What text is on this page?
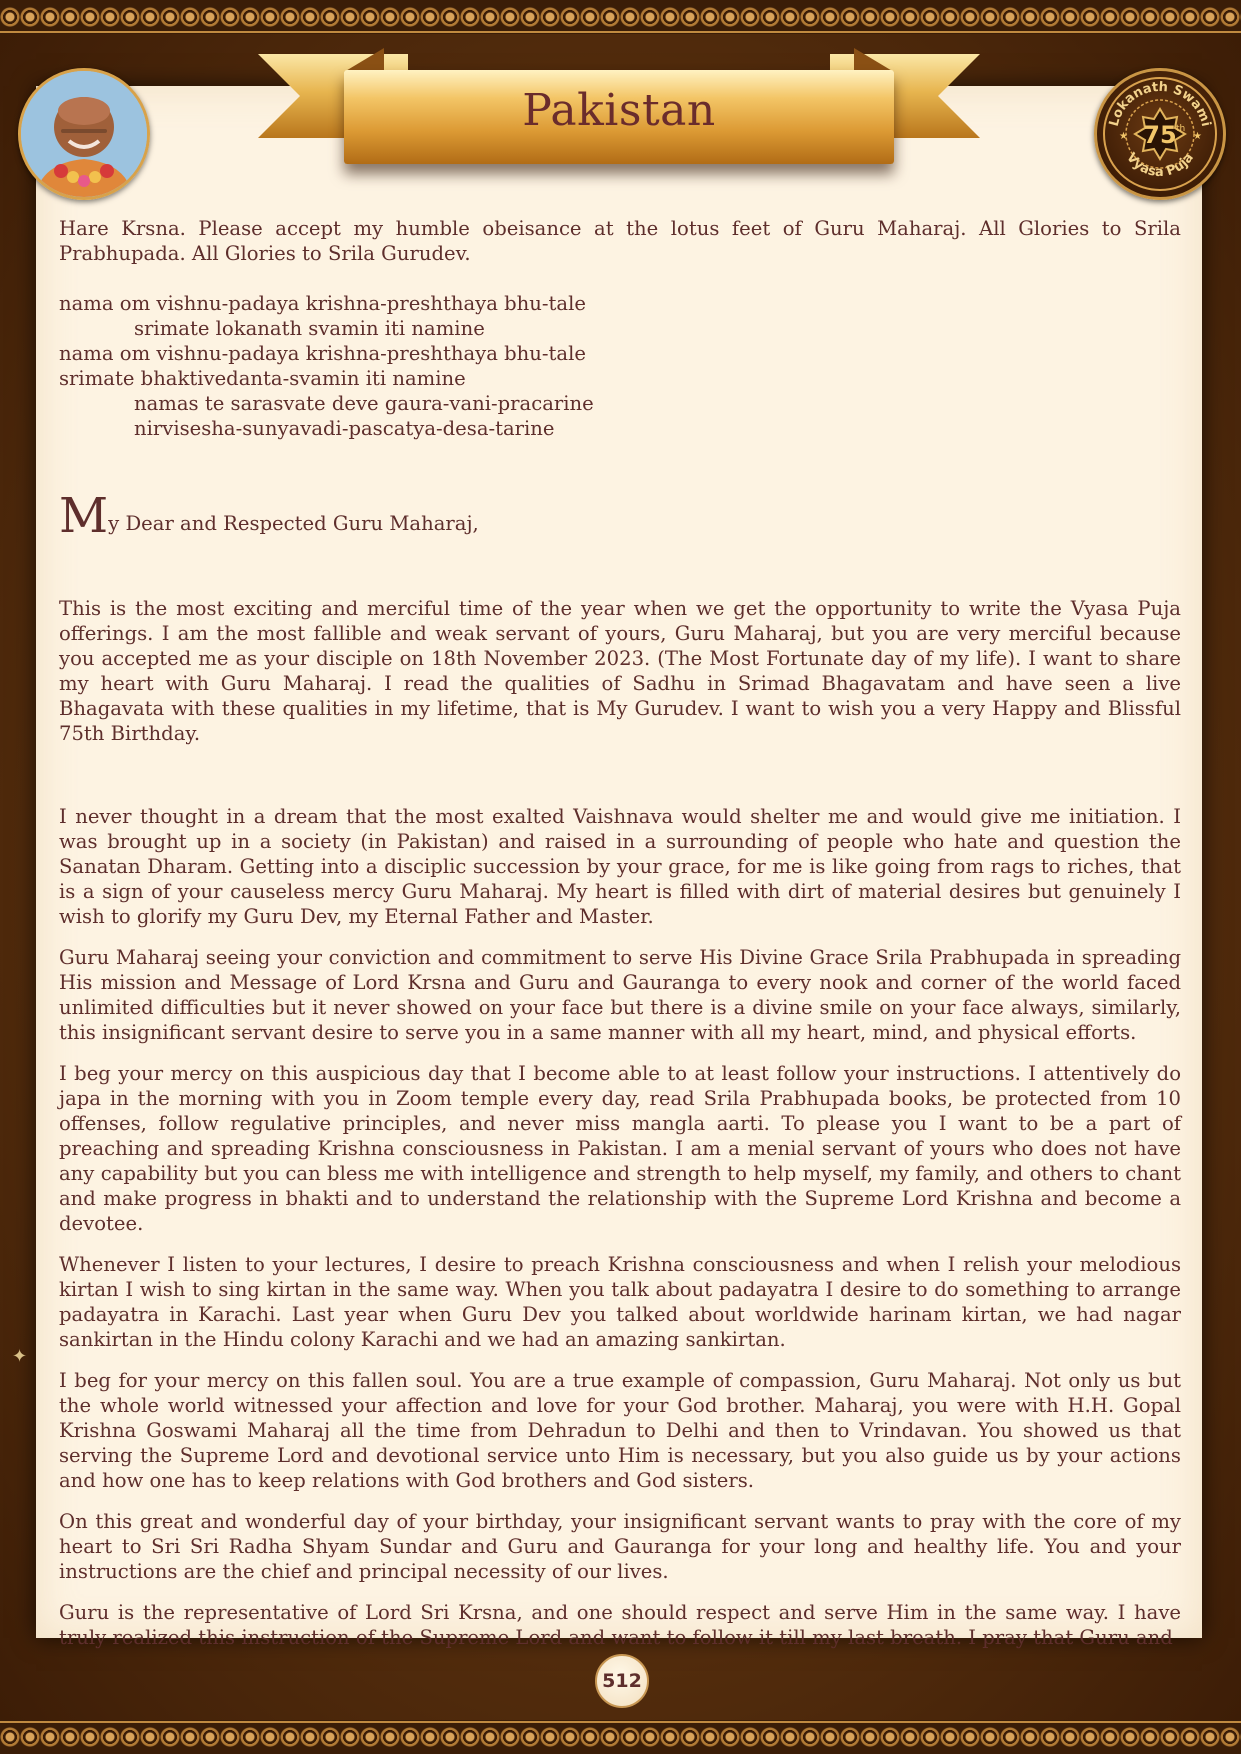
Pakistan	75 th
Lokanath Swami
Vyasa Puja
★	★

Hare Krsna. Please accept my humble obeisance at the lotus feet of Guru Maharaj. All Glories to Srila Prabhupada. All Glories to Srila Gurudev.

nama om vishnu-padaya krishna-preshthaya bhu-tale
srimate lokanath svamin iti namine
nama om vishnu-padaya krishna-preshthaya bhu-tale
srimate bhaktivedanta-svamin iti namine
namas te sarasvate deve gaura-vani-pracarine
nirvisesha-sunyavadi-pascatya-desa-tarine
My Dear and Respected Guru Maharaj,

This is the most exciting and merciful time of the year when we get the opportunity to write the Vyasa Puja offerings. I am the most fallible and weak servant of yours, Guru Maharaj, but you are very merciful because you accepted me as your disciple on 18th November 2023. (The Most Fortunate day of my life). I want to share my heart with Guru Maharaj. I read the qualities of Sadhu in Srimad Bhagavatam and have seen a live Bhagavata with these qualities in my lifetime, that is My Gurudev. I want to wish you a very Happy and Blissful 75th Birthday.

I never thought in a dream that the most exalted Vaishnava would shelter me and would give me initiation. I was brought up in a society (in Pakistan) and raised in a surrounding of people who hate and question the Sanatan Dharam. Getting into a disciplic succession by your grace, for me is like going from rags to riches, that is a sign of your causeless mercy Guru Maharaj. My heart is filled with dirt of material desires but genuinely I wish to glorify my Guru Dev, my Eternal Father and Master.

Guru Maharaj seeing your conviction and commitment to serve His Divine Grace Srila Prabhupada in spreading His mission and Message of Lord Krsna and Guru and Gauranga to every nook and corner of the world faced unlimited difficulties but it never showed on your face but there is a divine smile on your face always, similarly, this insignificant servant desire to serve you in a same manner with all my heart, mind, and physical efforts.

I beg your mercy on this auspicious day that I become able to at least follow your instructions. I attentively do japa in the morning with you in Zoom temple every day, read Srila Prabhupada books, be protected from 10 offenses, follow regulative principles, and never miss mangla aarti. To please you I want to be a part of preaching and spreading Krishna consciousness in Pakistan. I am a menial servant of yours who does not have any capability but you can bless me with intelligence and strength to help myself, my family, and others to chant and make progress in bhakti and to understand the relationship with the Supreme Lord Krishna and become a devotee.

Whenever I listen to your lectures, I desire to preach Krishna consciousness and when I relish your melodious kirtan I wish to sing kirtan in the same way. When you talk about padayatra I desire to do something to arrange padayatra in Karachi. Last year when Guru Dev you talked about worldwide harinam kirtan, we had nagar sankirtan in the Hindu colony Karachi and we had an amazing sankirtan.

I beg for your mercy on this fallen soul. You are a true example of compassion, Guru Maharaj. Not only us but the whole world witnessed your affection and love for your God brother. Maharaj, you were with H.H. Gopal Krishna Goswami Maharaj all the time from Dehradun to Delhi and then to Vrindavan. You showed us that serving the Supreme Lord and devotional service unto Him is necessary, but you also guide us by your actions and how one has to keep relations with God brothers and God sisters.

On this great and wonderful day of your birthday, your insignificant servant wants to pray with the core of my heart to Sri Sri Radha Shyam Sundar and Guru and Gauranga for your long and healthy life. You and your instructions are the chief and principal necessity of our lives.

Guru is the representative of Lord Sri Krsna, and one should respect and serve Him in the same way. I have truly realized this instruction of the Supreme Lord and want to follow it till my last breath. I pray that Guru and

✦
512
